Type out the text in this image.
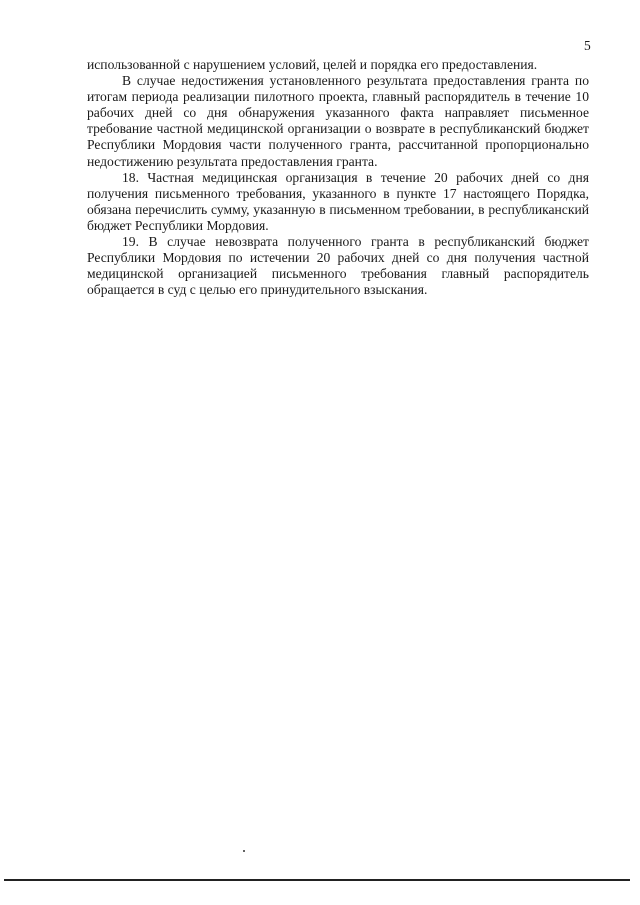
5

использованной с нарушением условий, целей и порядка его предоставления.

В случае недостижения установленного результата предоставления гранта по итогам периода реализации пилотного проекта, главный распорядитель в течение 10 рабочих дней со дня обнаружения указанного факта направляет письменное требование частной медицинской организации о возврате в республиканский бюджет Республики Мордовия части полученного гранта, рассчитанной пропорционально недостижению результата предоставления гранта.

18. Частная медицинская организация в течение 20 рабочих дней со дня получения письменного требования, указанного в пункте 17 настоящего Порядка, обязана перечислить сумму, указанную в письменном требовании, в республиканский бюджет Республики Мордовия.

19. В случае невозврата полученного гранта в республиканский бюджет Республики Мордовия по истечении 20 рабочих дней со дня получения частной медицинской организацией письменного требования главный распорядитель обращается в суд с целью его принудительного взыскания.
